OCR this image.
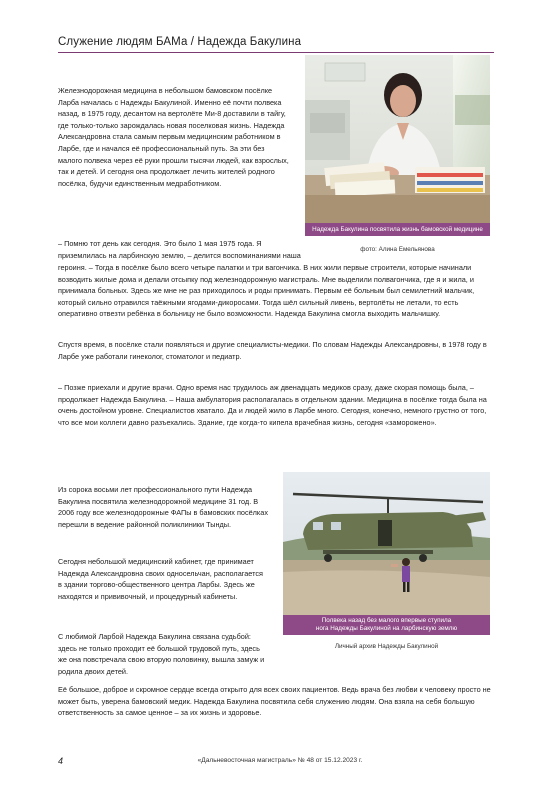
Служение людям БАМа / Надежда Бакулина

Железнодорожная медицина в небольшом бамовском посёлке Ларба началась с Надежды Бакулиной. Именно её почти полвека назад, в 1975 году, десантом на вертолёте Ми-8 доставили в тайгу, где только-только зарождалась новая поселковая жизнь. Надежда Александровна стала самым первым медицинским работником в Ларбе, где и начался её профессиональный путь. За эти без малого полвека через её руки прошли тысячи людей, как взрослых, так и детей. И сегодня она продолжает лечить жителей родного посёлка, будучи единственным медработником.

Надежда Бакулина посвятила жизнь бамовской медицине
фото: Алина Емельянова

– Помню тот день как сегодня. Это было 1 мая 1975 года. Я приземлилась на ларбинскую землю, – делится воспоминаниями наша

героиня. – Тогда в посёлке было всего четыре палатки и три вагончика. В них жили первые строители, которые начинали возводить жилые дома и делали отсыпку под железнодорожную магистраль. Мне выделили полвагончика, где я и жила, и принимала больных. Здесь же мне не раз приходилось и роды принимать. Первым её больным был семилетний мальчик, который сильно отравился таёжными ягодами-дикоросами. Тогда шёл сильный ливень, вертолёты не летали, то есть оперативно отвезти ребёнка в больницу не было возможности. Надежда Бакулина смогла выходить мальчишку.

Спустя время, в посёлке стали появляться и другие специалисты-медики. По словам Надежды Александровны, в 1978 году в Ларбе уже работали гинеколог, стоматолог и педиатр.

– Позже приехали и другие врачи. Одно время нас трудилось аж двенадцать медиков сразу, даже скорая помощь была, – продолжает Надежда Бакулина. – Наша амбулатория располагалась в отдельном здании. Медицина в посёлке тогда была на очень достойном уровне. Специалистов хватало. Да и людей жило в Ларбе много. Сегодня, конечно, немного грустно от того, что все мои коллеги давно разъехались. Здание, где когда-то кипела врачебная жизнь, сегодня «заморожено».

Из сорока восьми лет профессионального пути Надежда Бакулина посвятила железнодорожной медицине 31 год. В 2006 году все железнодорожные ФАПы в бамовских посёлках перешли в ведение районной поликлиники Тынды.

Сегодня небольшой медицинский кабинет, где принимает Надежда Александровна своих односельчан, располагается в здании торгово-общественного центра Ларбы. Здесь же находятся и прививочный, и процедурный кабинеты.

С любимой Ларбой Надежда Бакулина связана судьбой: здесь не только проходит её большой трудовой путь, здесь же она повстречала свою вторую половинку, вышла замуж и родила двоих детей.

Полвека назад без малого впервые ступила
нога Надежды Бакулиной на ларбинскую землю
Личный архив Надежды Бакулиной

Её большое, доброе и скромное сердце всегда открыто для всех своих пациентов. Ведь врача без любви к человеку просто не может быть, уверена бамовский медик. Надежда Бакулина посвятила себя служению людям. Она взяла на себя большую ответственность за самое ценное – за их жизнь и здоровье.

4	«Дальневосточная магистраль» № 48 от 15.12.2023 г.
